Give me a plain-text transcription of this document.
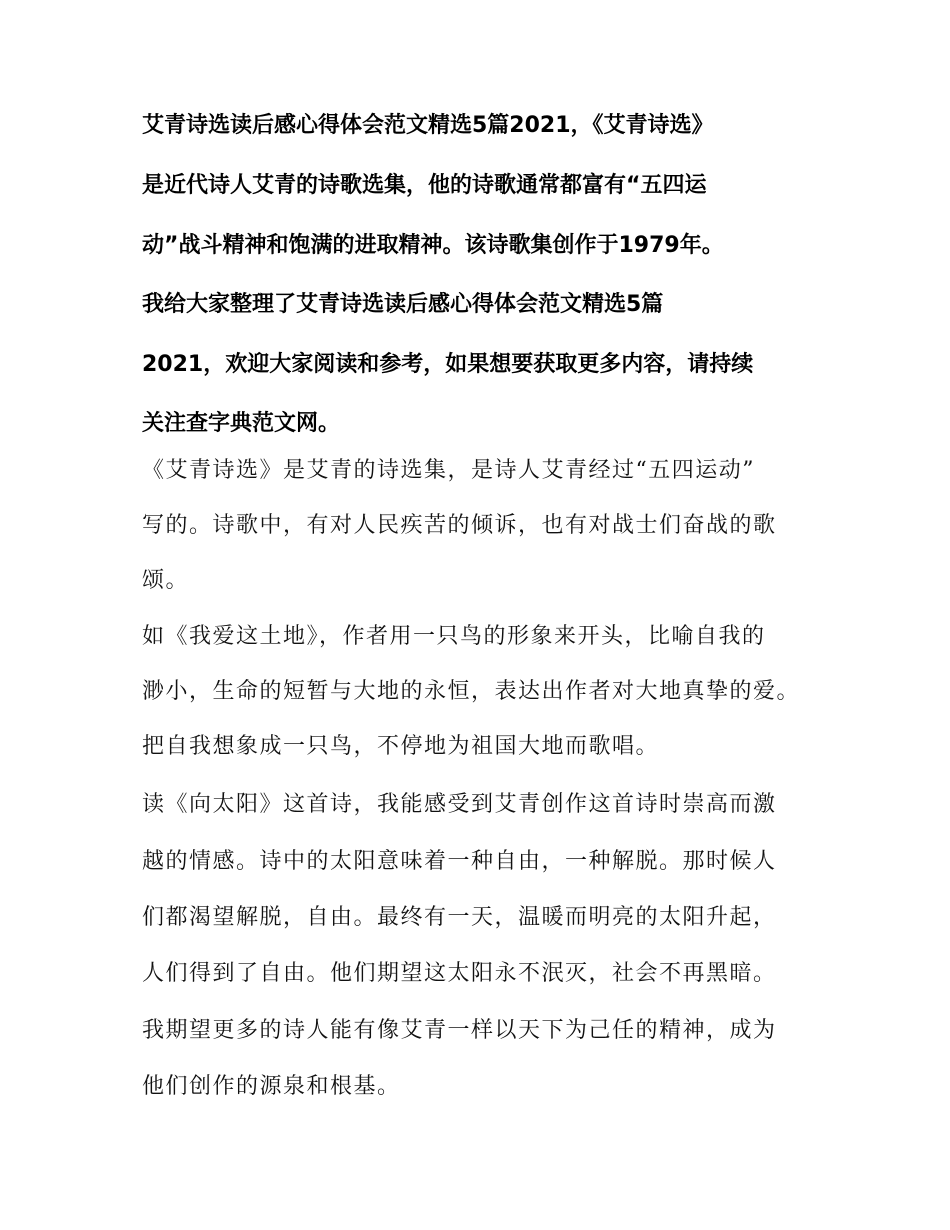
艾青诗选读后感心得体会范文精选5篇2021，《艾青诗选》
是近代诗人艾青的诗歌选集，他的诗歌通常都富有“五四运
动”战斗精神和饱满的进取精神。该诗歌集创作于1979年。
我给大家整理了艾青诗选读后感心得体会范文精选5篇
2021，欢迎大家阅读和参考，如果想要获取更多内容，请持续
关注查字典范文网。
《艾青诗选》是艾青的诗选集，是诗人艾青经过“五四运动”
写的。诗歌中，有对人民疾苦的倾诉，也有对战士们奋战的歌
颂。
如《我爱这土地》，作者用一只鸟的形象来开头，比喻自我的
渺小，生命的短暂与大地的永恒，表达出作者对大地真挚的爱。
把自我想象成一只鸟，不停地为祖国大地而歌唱。
读《向太阳》这首诗，我能感受到艾青创作这首诗时崇高而激
越的情感。诗中的太阳意味着一种自由，一种解脱。那时候人
们都渴望解脱，自由。最终有一天，温暖而明亮的太阳升起，
人们得到了自由。他们期望这太阳永不泯灭，社会不再黑暗。
我期望更多的诗人能有像艾青一样以天下为己任的精神，成为
他们创作的源泉和根基。
